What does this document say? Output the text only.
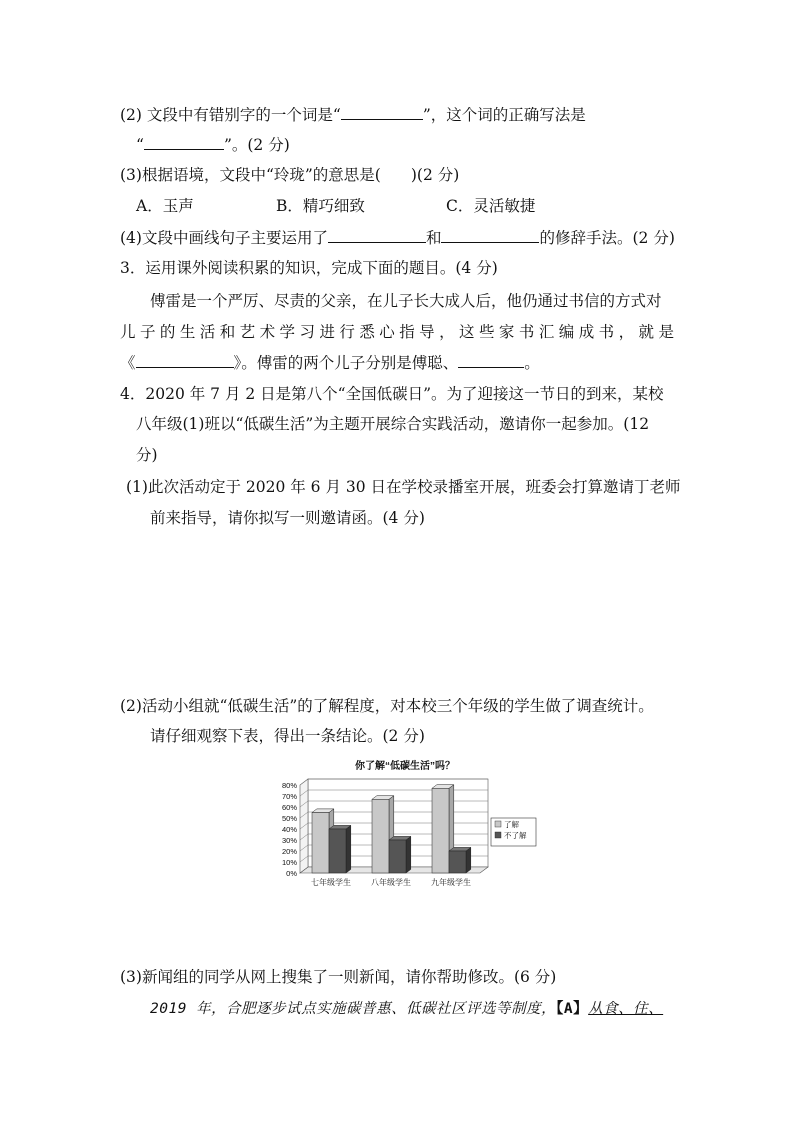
(2) 文段中有错别字的一个词是“	”，这个词的正确写法是
“	”。(2 分)
(3)根据语境，文段中“玲珑”的意思是( )(2 分)
A．玉声	B．精巧细致	C．灵活敏捷
(4)文段中画线句子主要运用了	和	的修辞手法。(2 分)
3．运用课外阅读积累的知识，完成下面的题目。(4 分)
傅雷是一个严厉、尽责的父亲，在儿子长大成人后，他仍通过书信的方式对
儿子的生活和艺术学习进行悉心指导，这些家书汇编成书，就是
《	》。傅雷的两个儿子分别是傅聪、	。
4．2020 年 7 月 2 日是第八个“全国低碳日”。为了迎接这一节日的到来，某校
八年级(1)班以“低碳生活”为主题开展综合实践活动，邀请你一起参加。(12
分)
(1)此次活动定于 2020 年 6 月 30 日在学校录播室开展，班委会打算邀请丁老师
前来指导，请你拟写一则邀请函。(4 分)
(2)活动小组就“低碳生活”的了解程度，对本校三个年级的学生做了调查统计。
请仔细观察下表，得出一条结论。(2 分)
你了解“低碳生活”吗？
0%
10%
20%
30%
40%
50%
60%
70%
80%
七年级学生	八年级学生	九年级学生
了解
不了解
(3)新闻组的同学从网上搜集了一则新闻，请你帮助修改。(6 分)
2019 年，合肥逐步试点实施碳普惠、低碳社区评选等制度，【A】从食、住、
